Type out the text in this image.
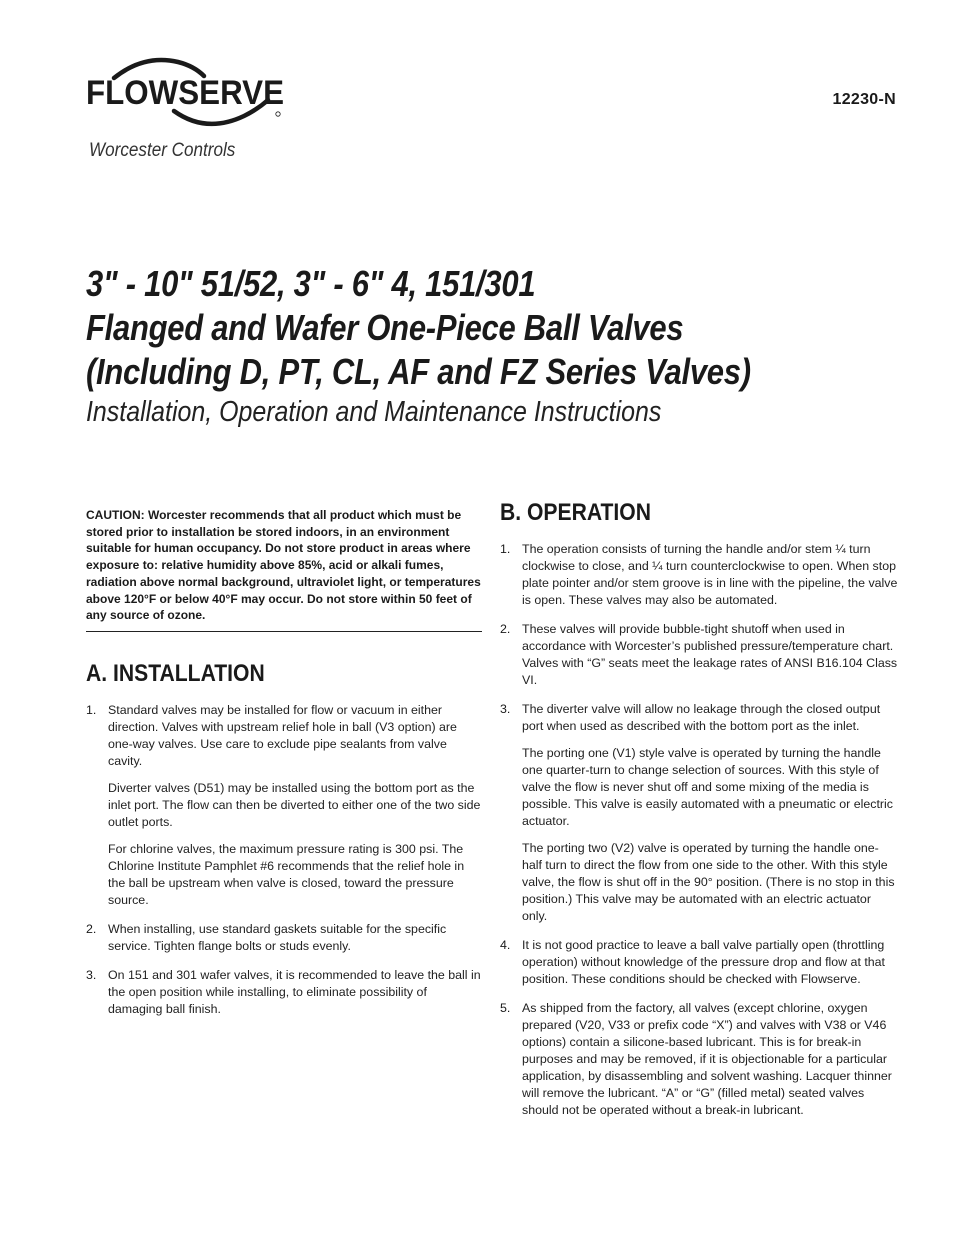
FLOWSERVE
Worcester Controls
12230-N
3" - 10" 51/52, 3" - 6" 4, 151/301
Flanged and Wafer One-Piece Ball Valves
(Including D, PT, CL, AF and FZ Series Valves)
Installation, Operation and Maintenance Instructions
CAUTION: Worcester recommends that all product which must be stored prior to installation be stored indoors, in an environment suitable for human occupancy. Do not store product in areas where exposure to: relative humidity above 85%, acid or alkali fumes, radiation above normal background, ultraviolet light, or temperatures above 120°F or below 40°F may occur. Do not store within 50 feet of any source of ozone.
A. INSTALLATION
1. Standard valves may be installed for flow or vacuum in either direction. Valves with upstream relief hole in ball (V3 option) are one-way valves. Use care to exclude pipe sealants from valve cavity.

Diverter valves (D51) may be installed using the bottom port as the inlet port. The flow can then be diverted to either one of the two side outlet ports.

For chlorine valves, the maximum pressure rating is 300 psi. The Chlorine Institute Pamphlet #6 recommends that the relief hole in the ball be upstream when valve is closed, toward the pressure source.

2. When installing, use standard gaskets suitable for the specific service. Tighten flange bolts or studs evenly.

3. On 151 and 301 wafer valves, it is recommended to leave the ball in the open position while installing, to eliminate possibility of damaging ball finish.

B. OPERATION
1. The operation consists of turning the handle and/or stem ¼ turn clockwise to close, and ¼ turn counterclockwise to open. When stop plate pointer and/or stem groove is in line with the pipeline, the valve is open. These valves may also be automated.

2. These valves will provide bubble-tight shutoff when used in accordance with Worcester’s published pressure/temperature chart. Valves with “G” seats meet the leakage rates of ANSI B16.104 Class VI.

3. The diverter valve will allow no leakage through the closed output port when used as described with the bottom port as the inlet.

The porting one (V1) style valve is operated by turning the handle one quarter-turn to change selection of sources. With this style of valve the flow is never shut off and some mixing of the media is possible. This valve is easily automated with a pneumatic or electric actuator.

The porting two (V2) valve is operated by turning the handle one-half turn to direct the flow from one side to the other. With this style valve, the flow is shut off in the 90° position. (There is no stop in this position.) This valve may be automated with an electric actuator only.

4. It is not good practice to leave a ball valve partially open (throttling operation) without knowledge of the pressure drop and flow at that position. These conditions should be checked with Flowserve.

5. As shipped from the factory, all valves (except chlorine, oxygen prepared (V20, V33 or prefix code “X”) and valves with V38 or V46 options) contain a silicone-based lubricant. This is for break-in purposes and may be removed, if it is objectionable for a particular application, by disassembling and solvent washing. Lacquer thinner will remove the lubricant. “A” or “G” (filled metal) seated valves should not be operated without a break-in lubricant.
